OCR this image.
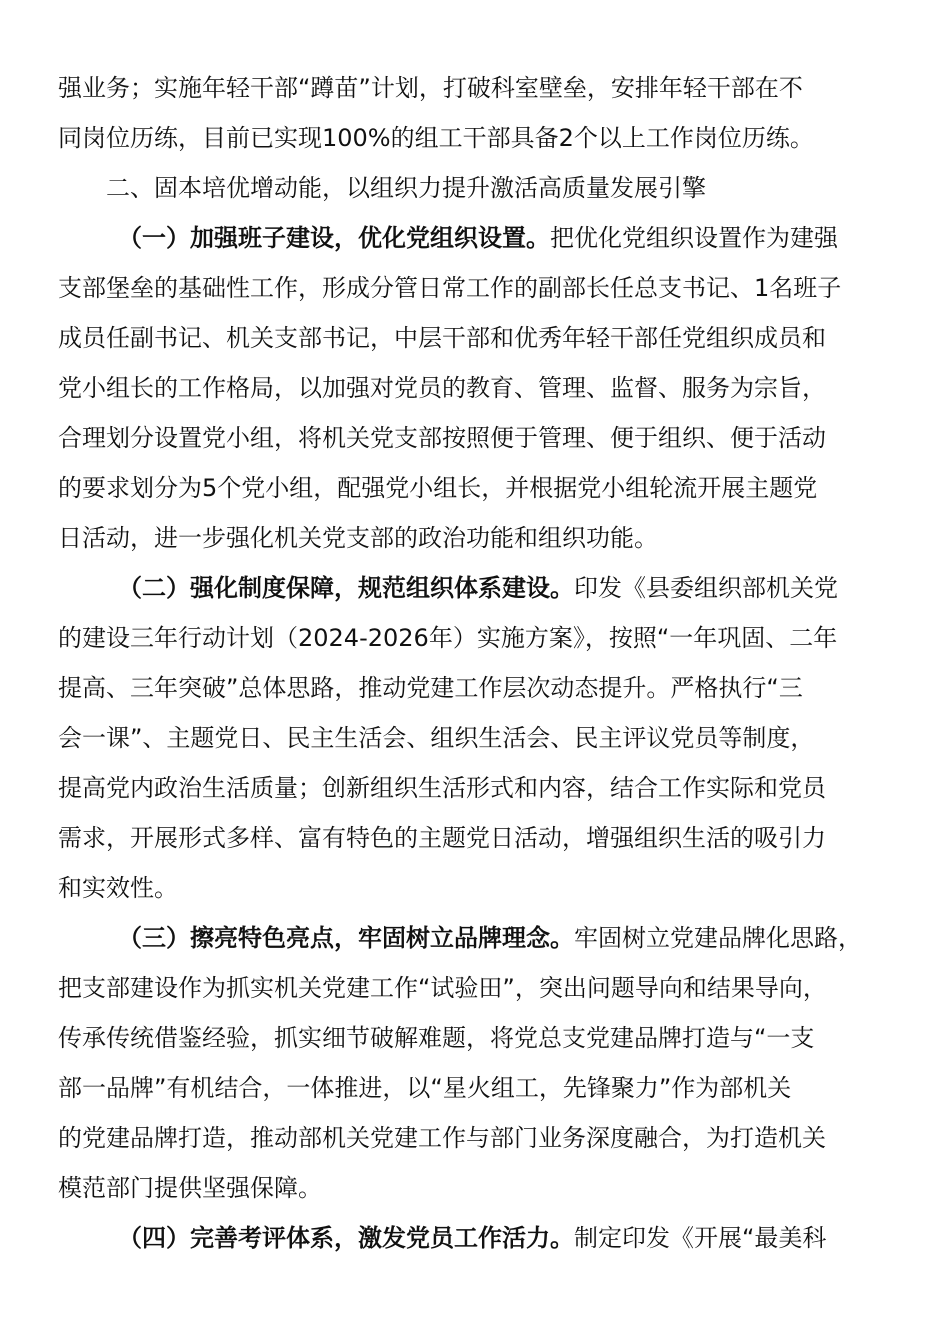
强业务；实施年轻干部“蹲苗”计划，打破科室壁垒，安排年轻干部在不
同岗位历练，目前已实现100%的组工干部具备2个以上工作岗位历练。
二、固本培优增动能，以组织力提升激活高质量发展引擎
（一）加强班子建设，优化党组织设置。把优化党组织设置作为建强
支部堡垒的基础性工作，形成分管日常工作的副部长任总支书记、1名班子
成员任副书记、机关支部书记，中层干部和优秀年轻干部任党组织成员和
党小组长的工作格局，以加强对党员的教育、管理、监督、服务为宗旨，
合理划分设置党小组，将机关党支部按照便于管理、便于组织、便于活动
的要求划分为5个党小组，配强党小组长，并根据党小组轮流开展主题党
日活动，进一步强化机关党支部的政治功能和组织功能。
（二）强化制度保障，规范组织体系建设。印发《县委组织部机关党
的建设三年行动计划（2024-2026年）实施方案》，按照“一年巩固、二年
提高、三年突破”总体思路，推动党建工作层次动态提升。严格执行“三
会一课”、主题党日、民主生活会、组织生活会、民主评议党员等制度，
提高党内政治生活质量；创新组织生活形式和内容，结合工作实际和党员
需求，开展形式多样、富有特色的主题党日活动，增强组织生活的吸引力
和实效性。
（三）擦亮特色亮点，牢固树立品牌理念。牢固树立党建品牌化思路，
把支部建设作为抓实机关党建工作“试验田”，突出问题导向和结果导向，
传承传统借鉴经验，抓实细节破解难题，将党总支党建品牌打造与“一支
部一品牌”有机结合，一体推进，以“星火组工，先锋聚力”作为部机关
的党建品牌打造，推动部机关党建工作与部门业务深度融合，为打造机关
模范部门提供坚强保障。
（四）完善考评体系，激发党员工作活力。制定印发《开展“最美科
